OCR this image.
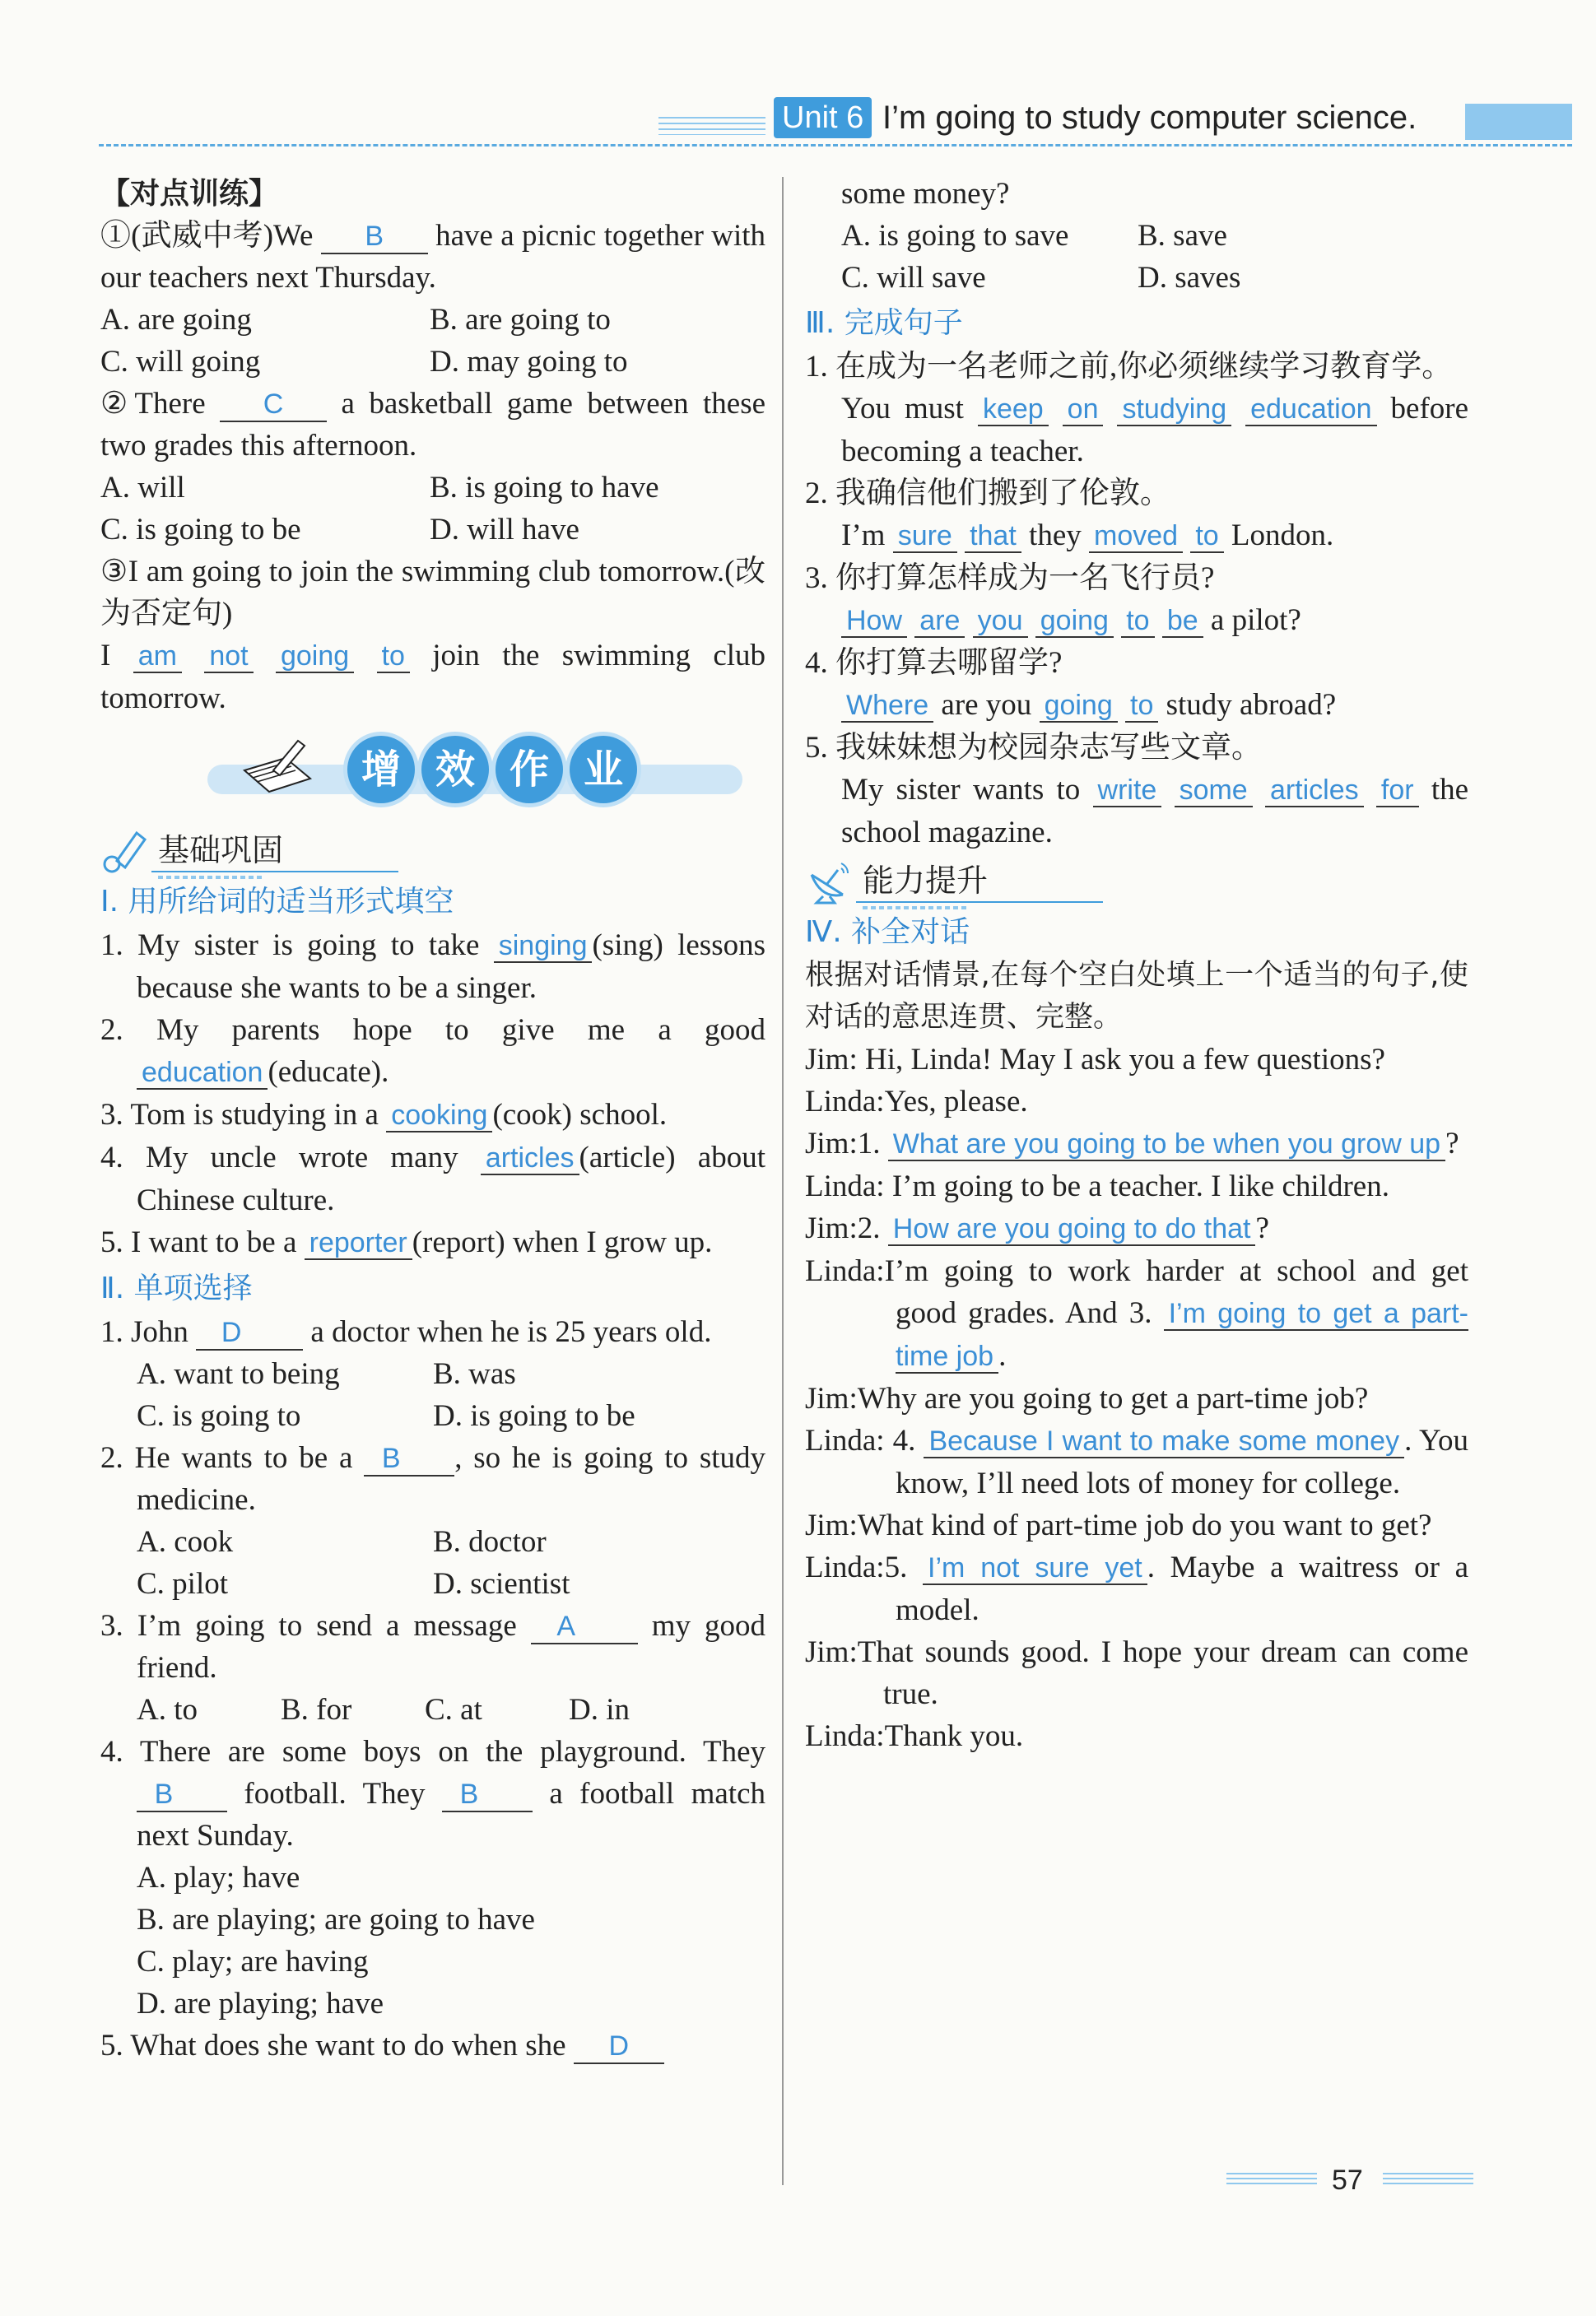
Unit 6 I’m going to study computer science.

【对点训练】

①(武威中考)We B have a picnic together with our teachers next Thursday.

A. are going	B. are going to
C. will going	D. may going to

②There C a basketball game between these two grades this afternoon.

A. will	B. is going to have
C. is going to be	D. will have

③I am going to join the swimming club tomorrow.(改为否定句)

I am not going to join the swimming club tomorrow.

增 效 作 业
基础巩固

Ⅰ. 用所给词的适当形式填空

1. My sister is going to take singing (sing) lessons because she wants to be a singer.

2. My parents hope to give me a good education (educate).

3. Tom is studying in a cooking (cook) school.

4. My uncle wrote many articles (article) about Chinese culture.

5. I want to be a reporter (report) when I grow up.

Ⅱ. 单项选择

1. John D a doctor when he is 25 years old.

A. want to being	B. was
C. is going to	D. is going to be

2. He wants to be a B , so he is going to study medicine.

A. cook	B. doctor
C. pilot	D. scientist

3. I’m going to send a message A	my good friend.

A. to	B. for C. at	D. in

4. There are some boys on the playground. They B football. They B a football match next Sunday.

A. play; have

B. are playing; are going to have

C. play; are having

D. are playing; have

5. What does she want to do when she D

some money?

A. is going to save	B. save
C. will save	D. saves

Ⅲ. 完成句子

1. 在成为一名老师之前,你必须继续学习教育学。

You must keep on studying education before becoming a teacher.

2. 我确信他们搬到了伦敦。

I’m sure that they moved to London.

3. 你打算怎样成为一名飞行员?

How are you going to be a pilot?

4. 你打算去哪留学?

Where are you going to study abroad?

5. 我妹妹想为校园杂志写些文章。

My sister wants to write some articles for the school magazine.

能力提升

Ⅳ. 补全对话

根据对话情景,在每个空白处填上一个适当的句子,使对话的意思连贯、完整。

Jim: Hi, Linda! May I ask you a few questions?

Linda:Yes, please.

Jim:1. What are you going to be when you grow up ?

Linda: I’m going to be a teacher. I like children.

Jim:2. How are you going to do that ?

Linda:I’m going to work harder at school and get good grades. And 3. I’m going to get a part-time job .

Jim:Why are you going to get a part-time job?

Linda: 4. Because I want to make some money . You know, I’ll need lots of money for college.

Jim:What kind of part-time job do you want to get?

Linda:5. I’m not sure yet . Maybe a waitress or a model.

Jim:That sounds good. I hope your dream can come true.

Linda:Thank you.

57
